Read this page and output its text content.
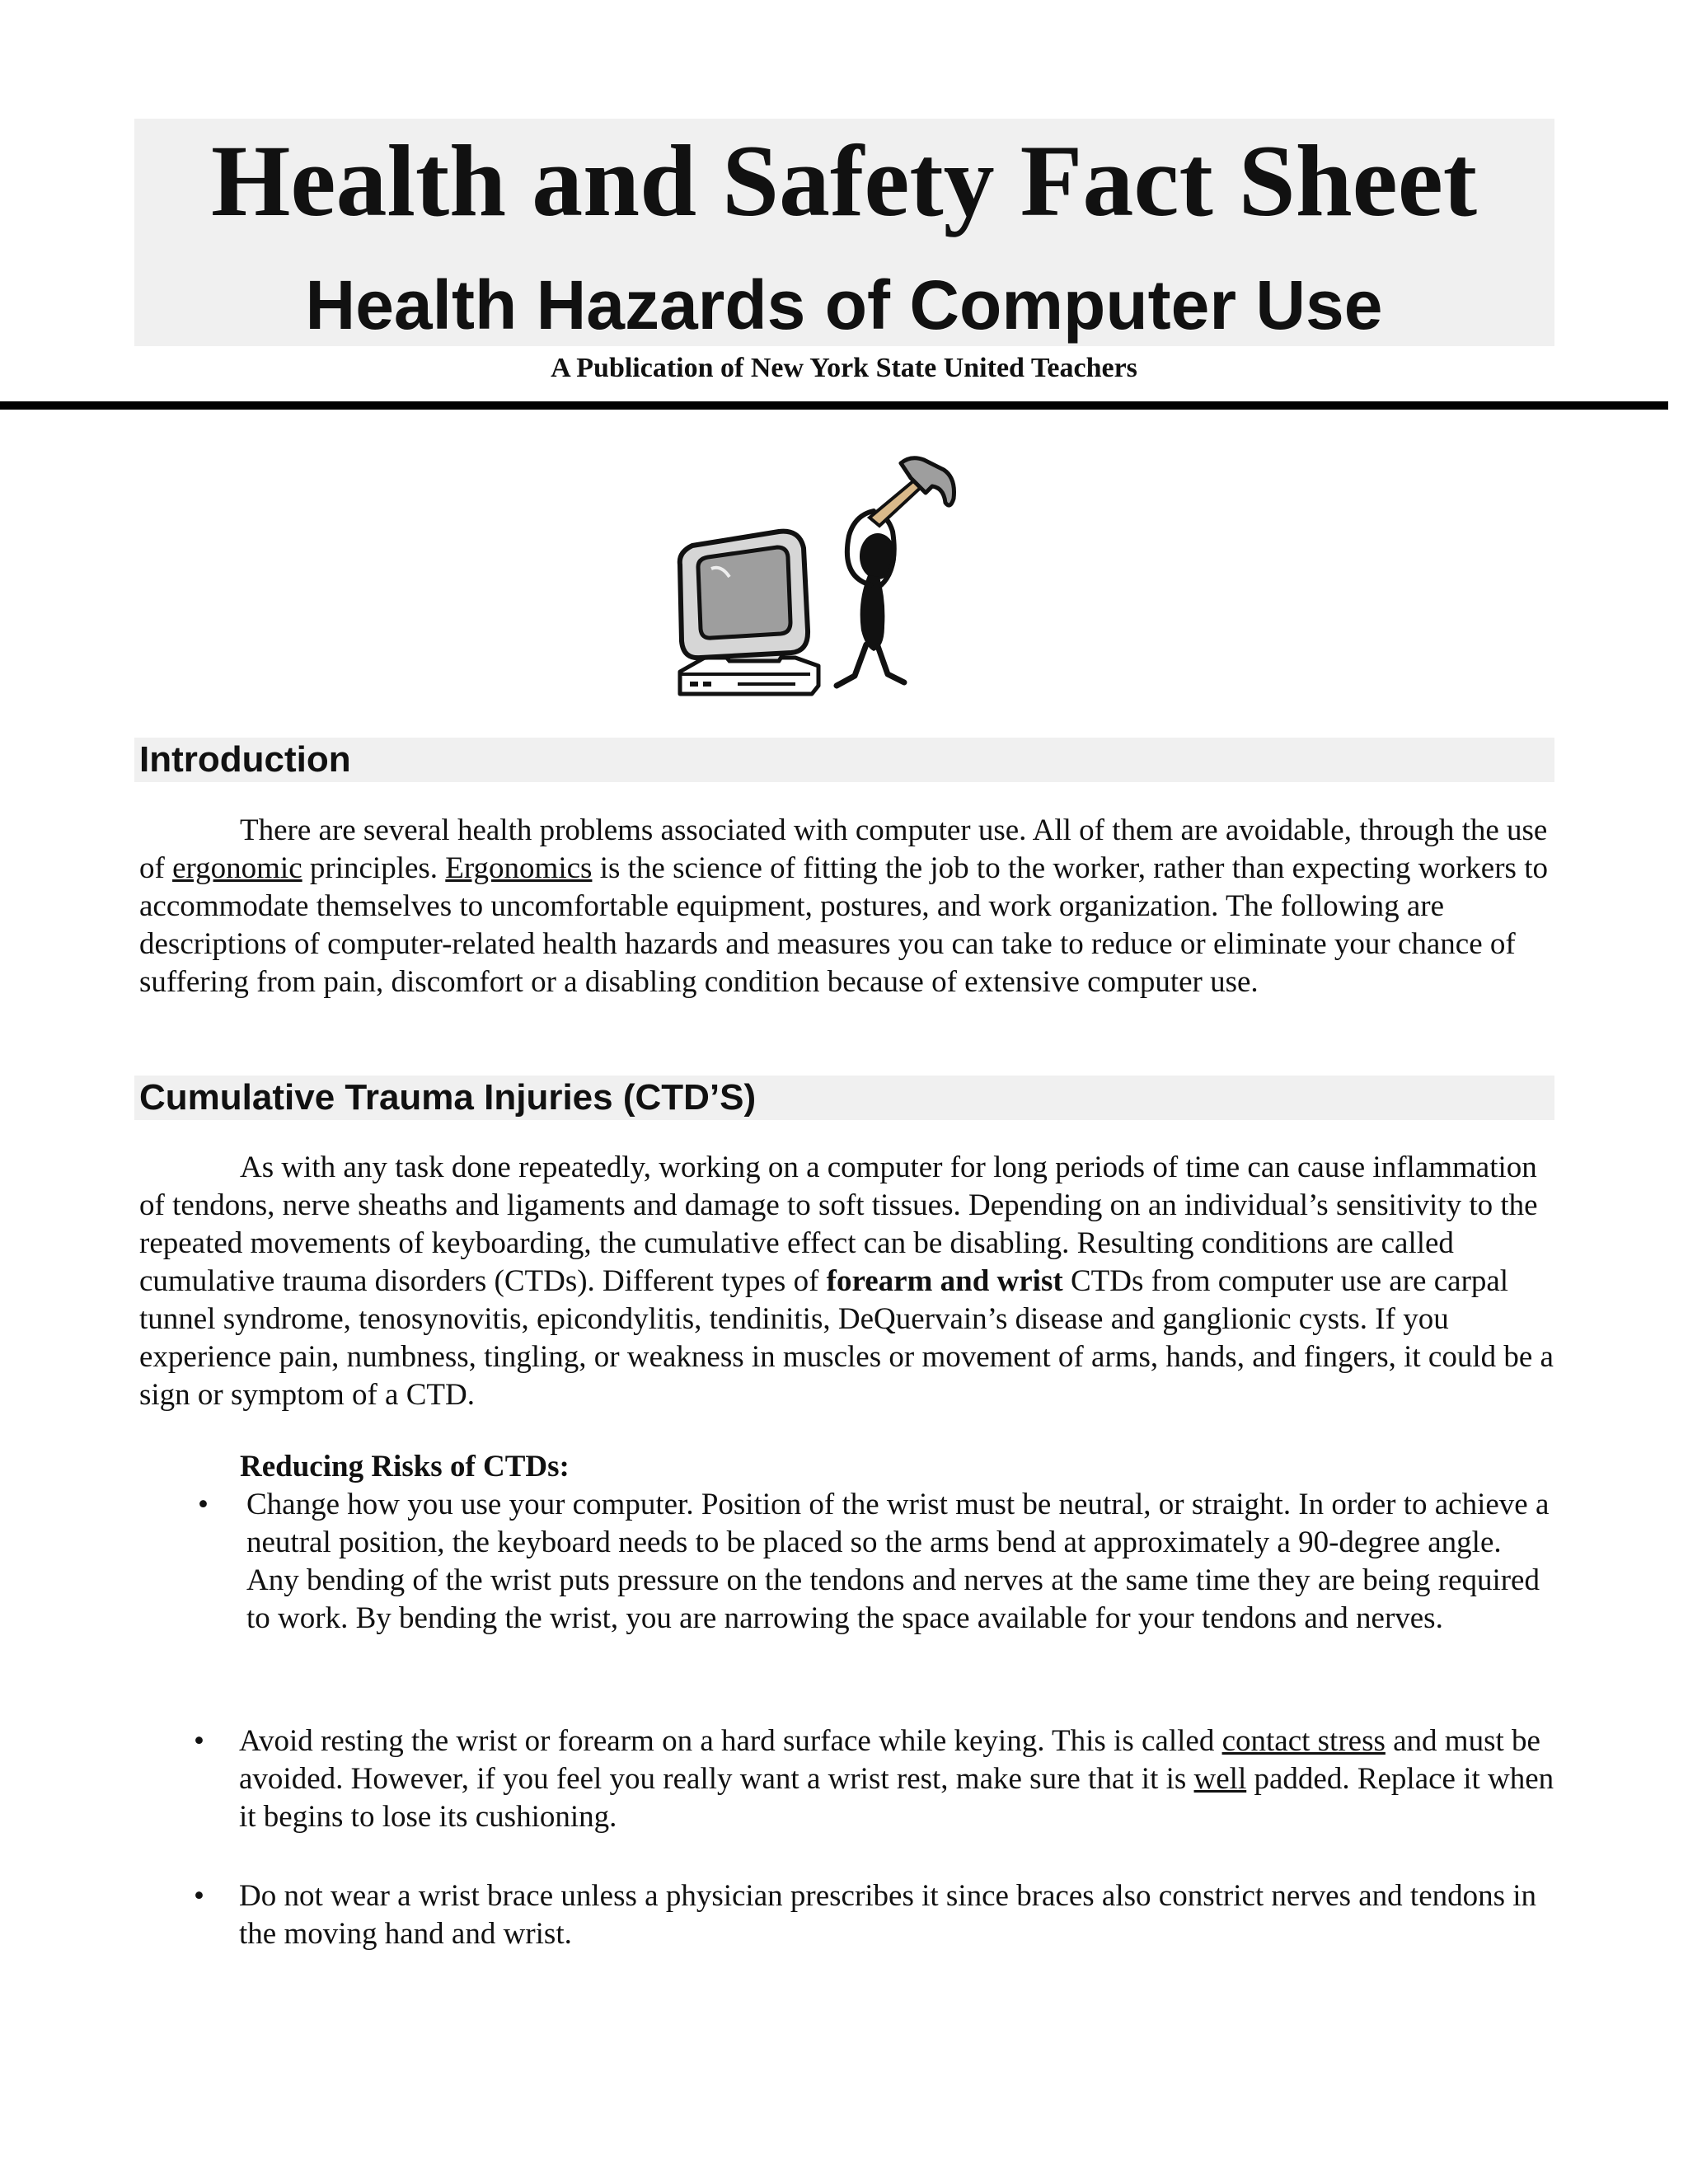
Health and Safety Fact Sheet
Health Hazards of Computer Use

A Publication of New York State United Teachers

Introduction

There are several health problems associated with computer use. All of them are avoidable, through the use of ergonomic principles. Ergonomics is the science of fitting the job to the worker, rather than expecting workers to accommodate themselves to uncomfortable equipment, postures, and work organization. The following are descriptions of computer-related health hazards and measures you can take to reduce or eliminate your chance of suffering from pain, discomfort or a disabling condition because of extensive computer use.

Cumulative Trauma Injuries (CTD’S)

As with any task done repeatedly, working on a computer for long periods of time can cause inflammation of tendons, nerve sheaths and ligaments and damage to soft tissues. Depending on an individual’s sensitivity to the repeated movements of keyboarding, the cumulative effect can be disabling. Resulting conditions are called cumulative trauma disorders (CTDs). Different types of forearm and wrist CTDs from computer use are carpal tunnel syndrome, tenosynovitis, epicondylitis, tendinitis, DeQuervain’s disease and ganglionic cysts. If you experience pain, numbness, tingling, or weakness in muscles or movement of arms, hands, and fingers, it could be a sign or symptom of a CTD.

Reducing Risks of CTDs:

• Change how you use your computer. Position of the wrist must be neutral, or straight. In order to achieve a neutral position, the keyboard needs to be placed so the arms bend at approximately a 90-degree angle. Any bending of the wrist puts pressure on the tendons and nerves at the same time they are being required to work. By bending the wrist, you are narrowing the space available for your tendons and nerves.

• Avoid resting the wrist or forearm on a hard surface while keying. This is called contact stress and must be avoided. However, if you feel you really want a wrist rest, make sure that it is well padded. Replace it when it begins to lose its cushioning.

• Do not wear a wrist brace unless a physician prescribes it since braces also constrict nerves and tendons in the moving hand and wrist.
